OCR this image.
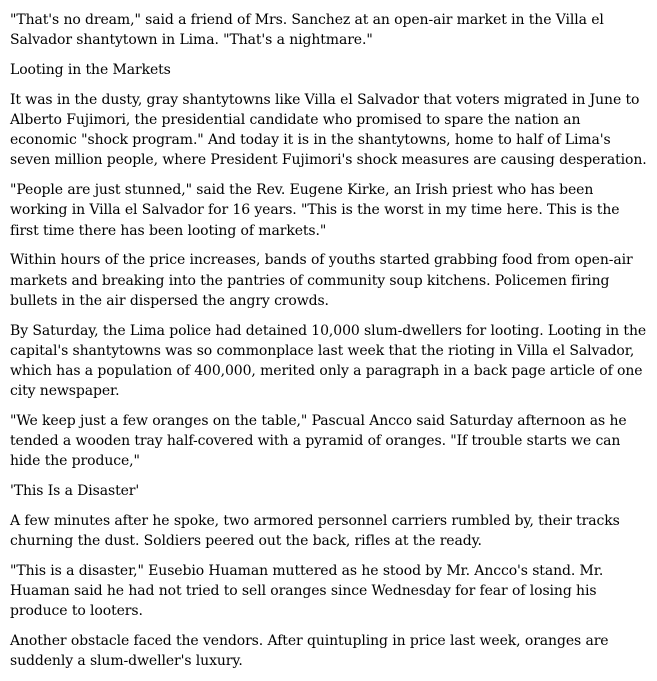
"That's no dream," said a friend of Mrs. Sanchez at an open-air market in the Villa el Salvador shantytown in Lima. "That's a nightmare."

Looting in the Markets

It was in the dusty, gray shantytowns like Villa el Salvador that voters migrated in June to Alberto Fujimori, the presidential candidate who promised to spare the nation an economic "shock program." And today it is in the shantytowns, home to half of Lima's seven million people, where President Fujimori's shock measures are causing desperation.

"People are just stunned," said the Rev. Eugene Kirke, an Irish priest who has been working in Villa el Salvador for 16 years. "This is the worst in my time here. This is the first time there has been looting of markets."

Within hours of the price increases, bands of youths started grabbing food from open-air markets and breaking into the pantries of community soup kitchens. Policemen firing bullets in the air dispersed the angry crowds.

By Saturday, the Lima police had detained 10,000 slum-dwellers for looting. Looting in the capital's shantytowns was so commonplace last week that the rioting in Villa el Salvador, which has a population of 400,000, merited only a paragraph in a back page article of one city newspaper.

"We keep just a few oranges on the table," Pascual Ancco said Saturday afternoon as he tended a wooden tray half-covered with a pyramid of oranges. "If trouble starts we can hide the produce,"

'This Is a Disaster'

A few minutes after he spoke, two armored personnel carriers rumbled by, their tracks churning the dust. Soldiers peered out the back, rifles at the ready.

"This is a disaster," Eusebio Huaman muttered as he stood by Mr. Ancco's stand. Mr. Huaman said he had not tried to sell oranges since Wednesday for fear of losing his produce to looters.

Another obstacle faced the vendors. After quintupling in price last week, oranges are suddenly a slum-dweller's luxury.
